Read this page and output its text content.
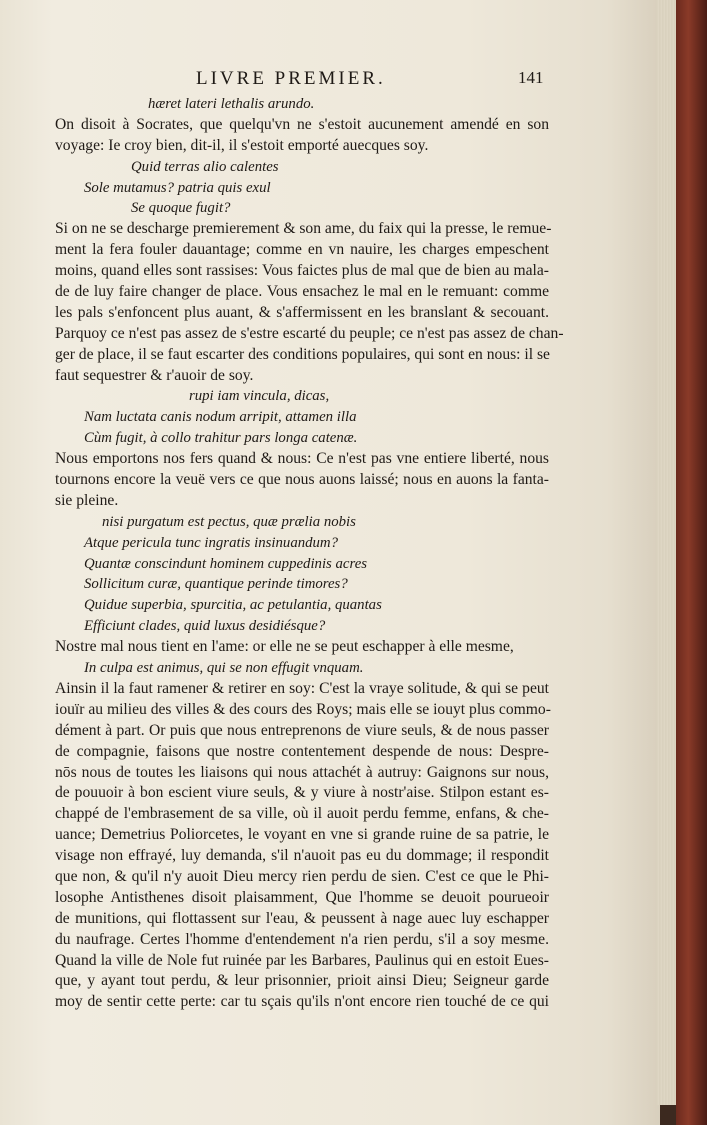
LIVRE PREMIER.	141
hæret lateri lethalis arundo.
On disoit à Socrates, que quelqu'vn ne s'estoit aucunement amendé en son
voyage: Ie croy bien, dit-il, il s'estoit emporté auecques soy.
Quid terras alio calentes
Sole mutamus? patria quis exul
Se quoque fugit?
Si on ne se descharge premierement & son ame, du faix qui la presse, le remue-
ment la fera fouler dauantage; comme en vn nauire, les charges empeschent
moins, quand elles sont rassises: Vous faictes plus de mal que de bien au mala-
de de luy faire changer de place. Vous ensachez le mal en le remuant: comme
les pals s'enfoncent plus auant, & s'affermissent en les branslant & secouant.
Parquoy ce n'est pas assez de s'estre escarté du peuple; ce n'est pas assez de chan-
ger de place, il se faut escarter des conditions populaires, qui sont en nous: il se
faut sequestrer & r'auoir de soy.
rupi iam vincula, dicas,
Nam luctata canis nodum arripit, attamen illa
Cùm fugit, à collo trahitur pars longa catenæ.
Nous emportons nos fers quand & nous: Ce n'est pas vne entiere liberté, nous
tournons encore la veuë vers ce que nous auons laissé; nous en auons la fanta-
sie pleine.
nisi purgatum est pectus, quæ prælia nobis
Atque pericula tunc ingratis insinuandum?
Quantæ conscindunt hominem cuppedinis acres
Sollicitum curæ, quantique perinde timores?
Quidue superbia, spurcitia, ac petulantia, quantas
Efficiunt clades, quid luxus desidiésque?
Nostre mal nous tient en l'ame: or elle ne se peut eschapper à elle mesme,
In culpa est animus, qui se non effugit vnquam.
Ainsin il la faut ramener & retirer en soy: C'est la vraye solitude, & qui se peut
iouïr au milieu des villes & des cours des Roys; mais elle se iouyt plus commo-
dément à part. Or puis que nous entreprenons de viure seuls, & de nous passer
de compagnie, faisons que nostre contentement despende de nous: Despre-
nōs nous de toutes les liaisons qui nous attachét à autruy: Gaignons sur nous,
de pouuoir à bon escient viure seuls, & y viure à nostr'aise. Stilpon estant es-
chappé de l'embrasement de sa ville, où il auoit perdu femme, enfans, & che-
uance; Demetrius Poliorcetes, le voyant en vne si grande ruine de sa patrie, le
visage non effrayé, luy demanda, s'il n'auoit pas eu du dommage; il respondit
que non, & qu'il n'y auoit Dieu mercy rien perdu de sien. C'est ce que le Phi-
losophe Antisthenes disoit plaisamment, Que l'homme se deuoit pourueoir
de munitions, qui flottassent sur l'eau, & peussent à nage auec luy eschapper
du naufrage. Certes l'homme d'entendement n'a rien perdu, s'il a soy mesme.
Quand la ville de Nole fut ruinée par les Barbares, Paulinus qui en estoit Eues-
que, y ayant tout perdu, & leur prisonnier, prioit ainsi Dieu; Seigneur garde
moy de sentir cette perte: car tu sçais qu'ils n'ont encore rien touché de ce qui
